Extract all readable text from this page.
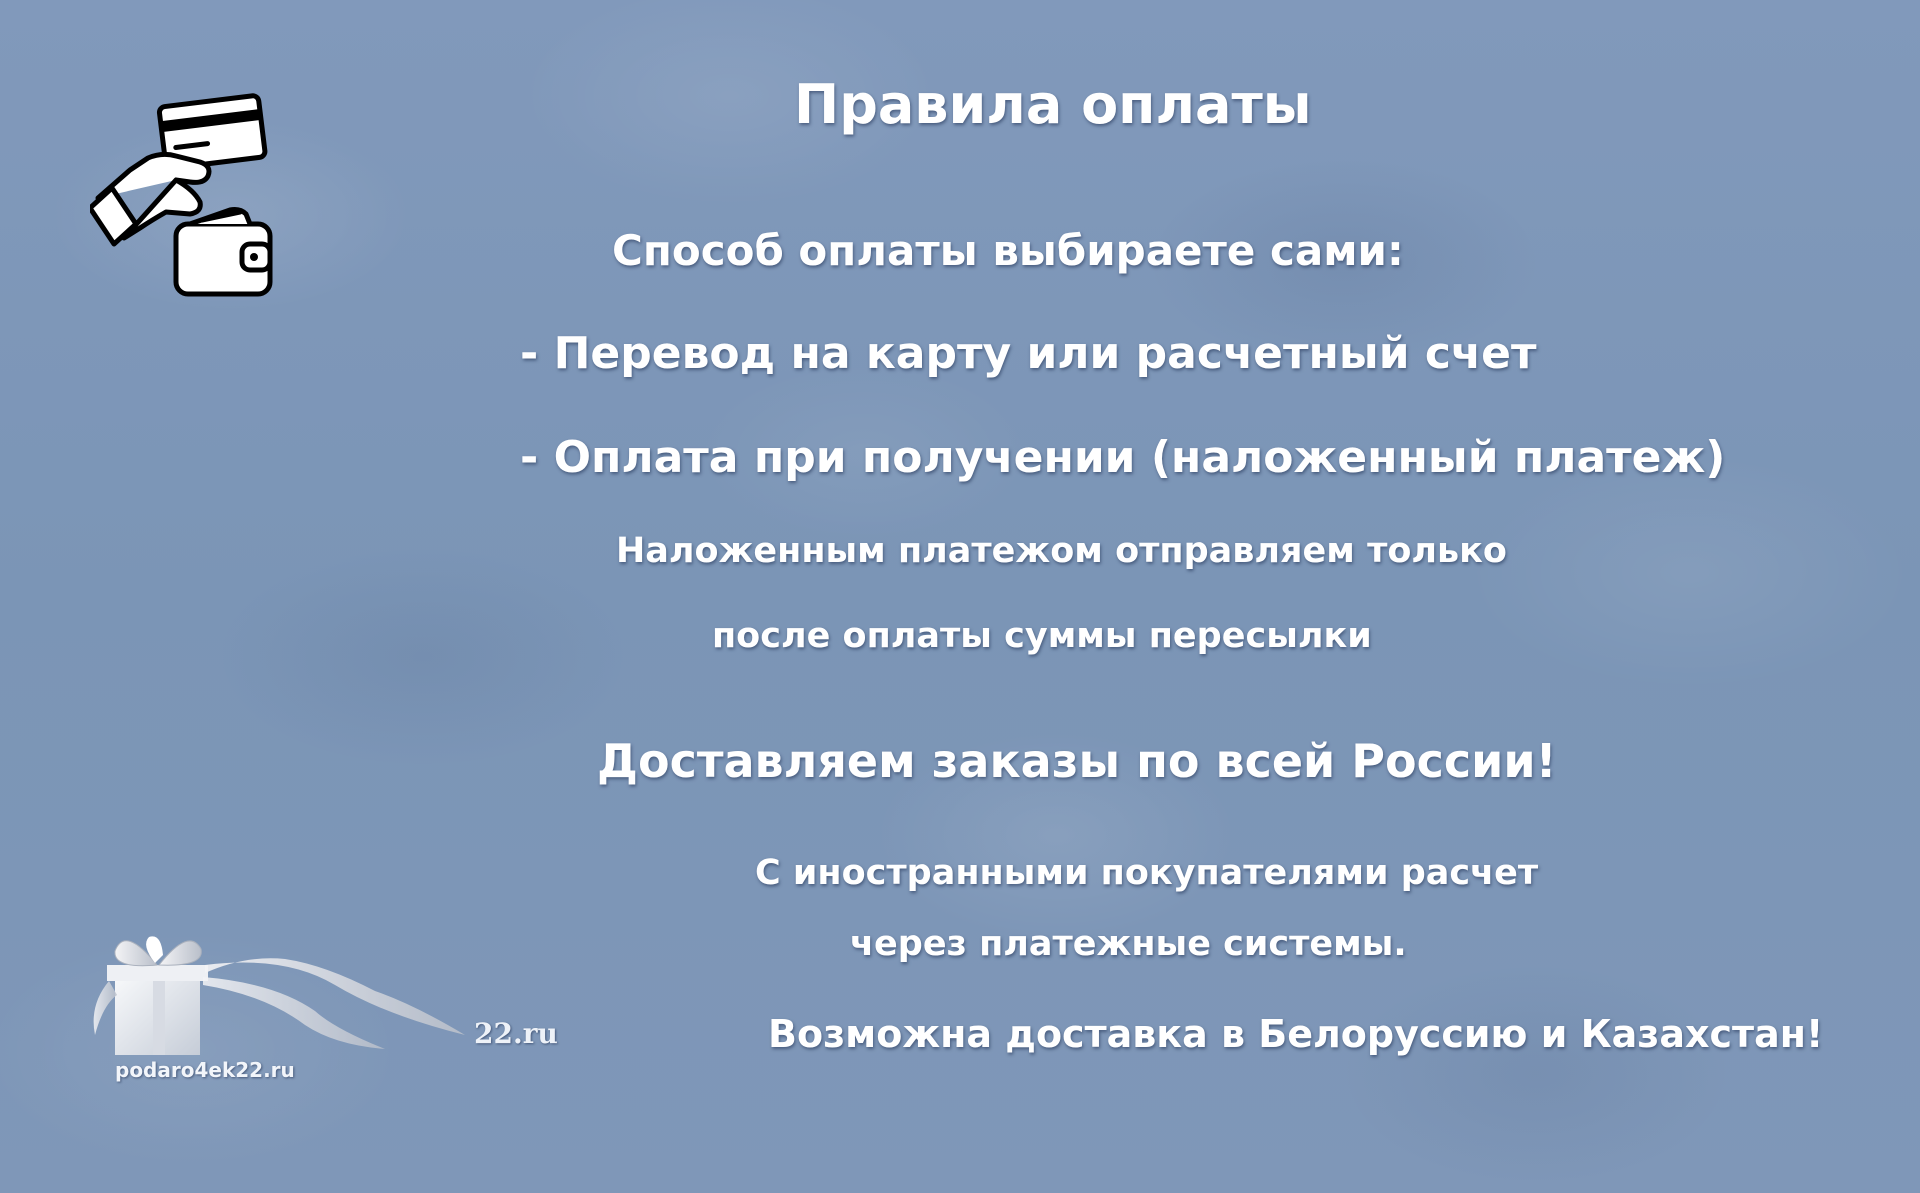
Правила оплаты

Способ оплаты выбираете сами:

- Перевод на карту или расчетный счет

- Оплата при получении (наложенный платеж)

Наложенным платежом отправляем только

после оплаты суммы пересылки

Доставляем заказы по всей России!

С иностранными покупателями расчет

через платежные системы.

Возможна доставка в Белоруссию и Казахстан!

22.ru
podaro4ek22.ru
